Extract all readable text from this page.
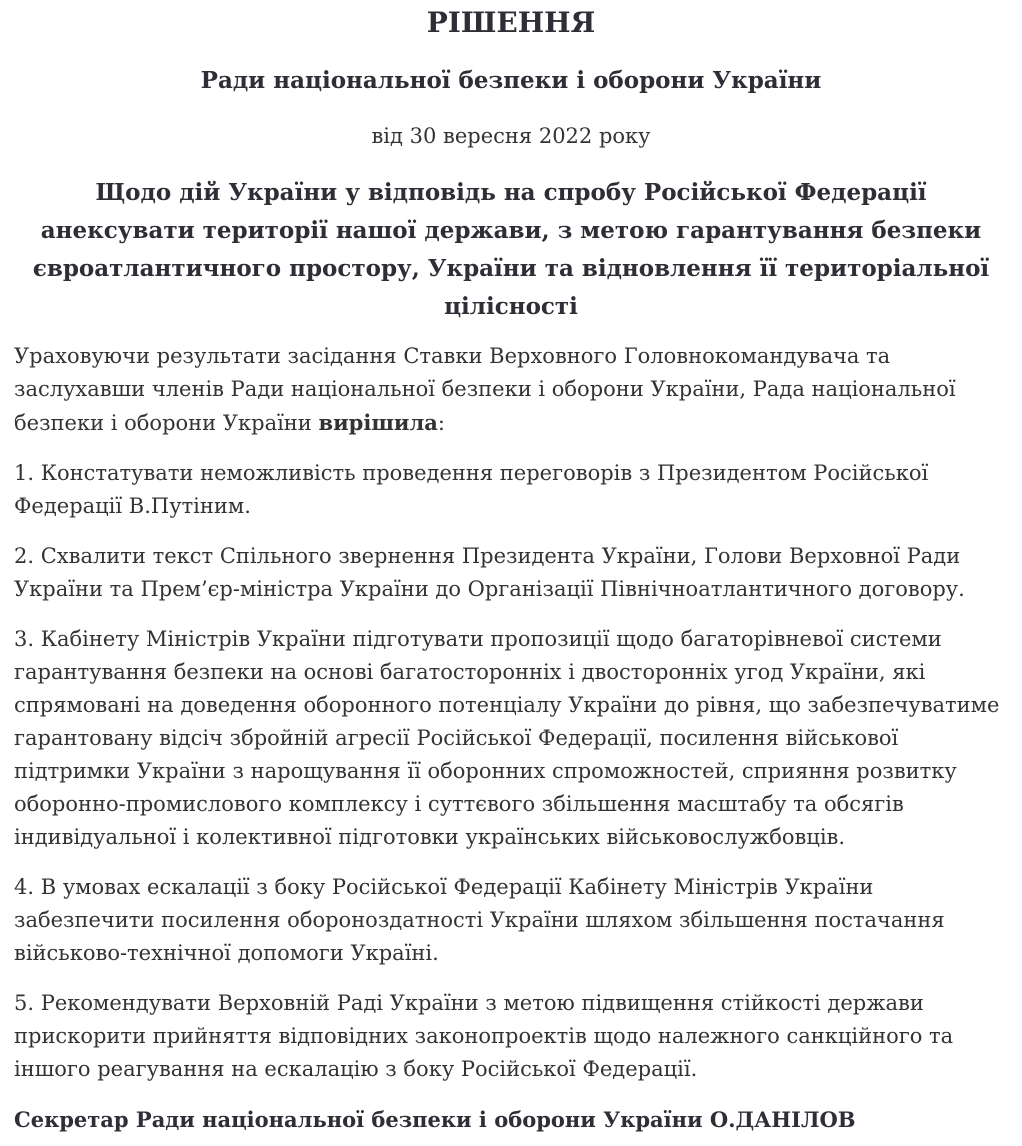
РІШЕННЯ

Ради національної безпеки і оборони України

від 30 вересня 2022 року

Щодо дій України у відповідь на спробу Російської Федерації анексувати території нашої держави, з метою гарантування безпеки євроатлантичного простору, України та відновлення її територіальної цілісності

Ураховуючи результати засідання Ставки Верховного Головнокомандувача та заслухавши членів Ради національної безпеки і оборони України, Рада національної безпеки і оборони України вирішила:

1. Констатувати неможливість проведення переговорів з Президентом Російської Федерації В.Путіним.

2. Схвалити текст Спільного звернення Президента України, Голови Верховної Ради України та Прем’єр-міністра України до Організації Північноатлантичного договору.

3. Кабінету Міністрів України підготувати пропозиції щодо багаторівневої системи гарантування безпеки на основі багатосторонніх і двосторонніх угод України, які спрямовані на доведення оборонного потенціалу України до рівня, що забезпечуватиме гарантовану відсіч збройній агресії Російської Федерації, посилення військової підтримки України з нарощування її оборонних спроможностей, сприяння розвитку оборонно-промислового комплексу і суттєвого збільшення масштабу та обсягів індивідуальної і колективної підготовки українських військовослужбовців.

4. В умовах ескалації з боку Російської Федерації Кабінету Міністрів України забезпечити посилення обороноздатності України шляхом збільшення постачання військово-технічної допомоги Україні.

5. Рекомендувати Верховній Раді України з метою підвищення стійкості держави прискорити прийняття відповідних законопроектів щодо належного санкційного та іншого реагування на ескалацію з боку Російської Федерації.

Секретар Ради національної безпеки і оборони України О.ДАНІЛОВ
